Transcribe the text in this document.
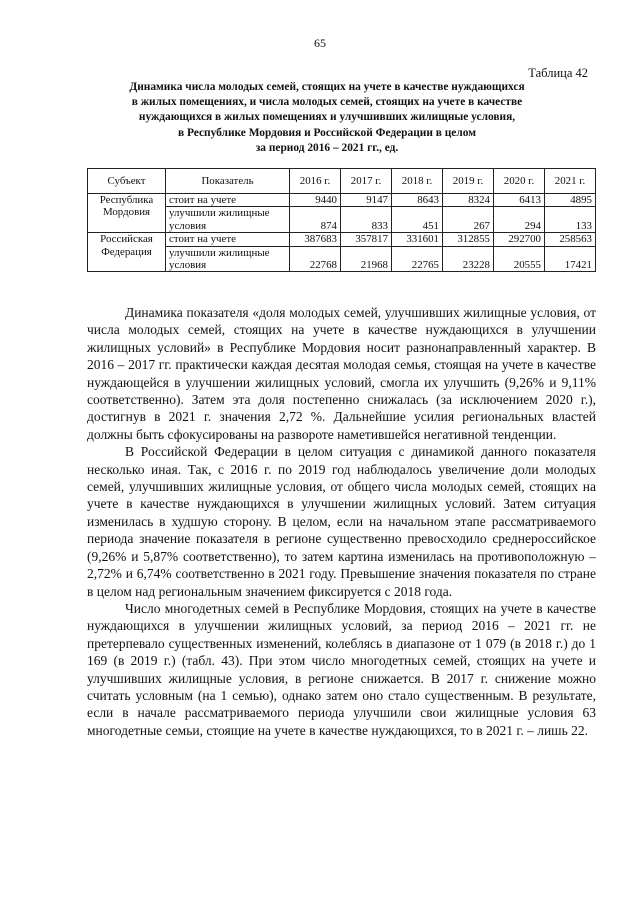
65
Таблица 42
Динамика числа молодых семей, стоящих на учете в качестве нуждающихся
в жилых помещениях, и числа молодых семей, стоящих на учете в качестве
нуждающихся в жилых помещениях и улучшивших жилищные условия,
в Республике Мордовия и Российской Федерации в целом
за период 2016 – 2021 гг., ед.
Субъект	Показатель	2016 г.	2017 г.	2018 г.	2019 г.	2020 г.	2021 г.
Республика Мордовия	стоит на учете	9440	9147	8643	8324	6413	4895
	улучшили жилищные условия	874	833	451	267	294	133
Российская Федерация	стоит на учете	387683	357817	331601	312855	292700	258563
	улучшили жилищные условия	22768	21968	22765	23228	20555	17421

Динамика показателя «доля молодых семей, улучшивших жилищные условия, от числа молодых семей, стоящих на учете в качестве нуждающихся в улучшении жилищных условий» в Республике Мордовия носит разнонаправленный характер. В 2016 – 2017 гг. практически каждая десятая молодая семья, стоящая на учете в качестве нуждающейся в улучшении жилищных условий, смогла их улучшить (9,26% и 9,11% соответственно). Затем эта доля постепенно снижалась (за исключением 2020 г.), достигнув в 2021 г. значения 2,72 %. Дальнейшие усилия региональных властей должны быть сфокусированы на развороте наметившейся негативной тенденции.

В Российской Федерации в целом ситуация с динамикой данного показателя несколько иная. Так, с 2016 г. по 2019 год наблюдалось увеличение доли молодых семей, улучшивших жилищные условия, от общего числа молодых семей, стоящих на учете в качестве нуждающихся в улучшении жилищных условий. Затем ситуация изменилась в худшую сторону. В целом, если на начальном этапе рассматриваемого периода значение показателя в регионе существенно превосходило среднероссийское (9,26% и 5,87% соответственно), то затем картина изменилась на противоположную – 2,72% и 6,74% соответственно в 2021 году. Превышение значения показателя по стране в целом над региональным значением фиксируется с 2018 года.

Число многодетных семей в Республике Мордовия, стоящих на учете в качестве нуждающихся в улучшении жилищных условий, за период 2016 – 2021 гг. не претерпевало существенных изменений, колеблясь в диапазоне от 1 079 (в 2018 г.) до 1 169 (в 2019 г.) (табл. 43). При этом число многодетных семей, стоящих на учете и улучшивших жилищные условия, в регионе снижается. В 2017 г. снижение можно считать условным (на 1 семью), однако затем оно стало существенным. В результате, если в начале рассматриваемого периода улучшили свои жилищные условия 63 многодетные семьи, стоящие на учете в качестве нуждающихся, то в 2021 г. – лишь 22.
